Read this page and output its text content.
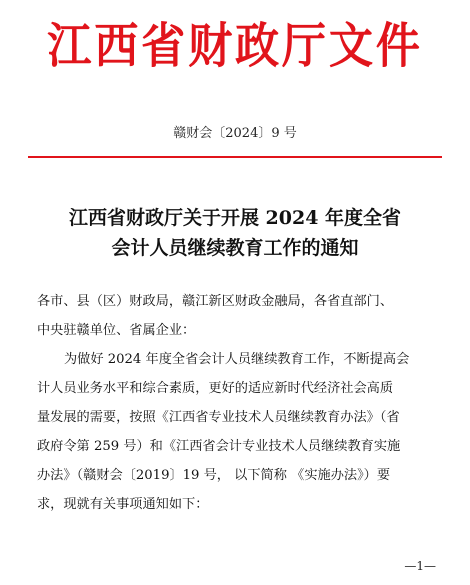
江西省财政厅文件
赣财会〔2024〕9 号
江西省财政厅关于开展 2024 年度全省
会计人员继续教育工作的通知
各市、县（区）财政局，赣江新区财政金融局，各省直部门、
中央驻赣单位、省属企业：
为做好 2024 年度全省会计人员继续教育工作，不断提高会
计人员业务水平和综合素质，更好的适应新时代经济社会高质
量发展的需要，按照《江西省专业技术人员继续教育办法》（省
政府令第 259 号）和《江西省会计专业技术人员继续教育实施
办法》（赣财会〔2019〕19 号， 以下简称 《实施办法》）要
求，现就有关事项通知如下：
—1—
